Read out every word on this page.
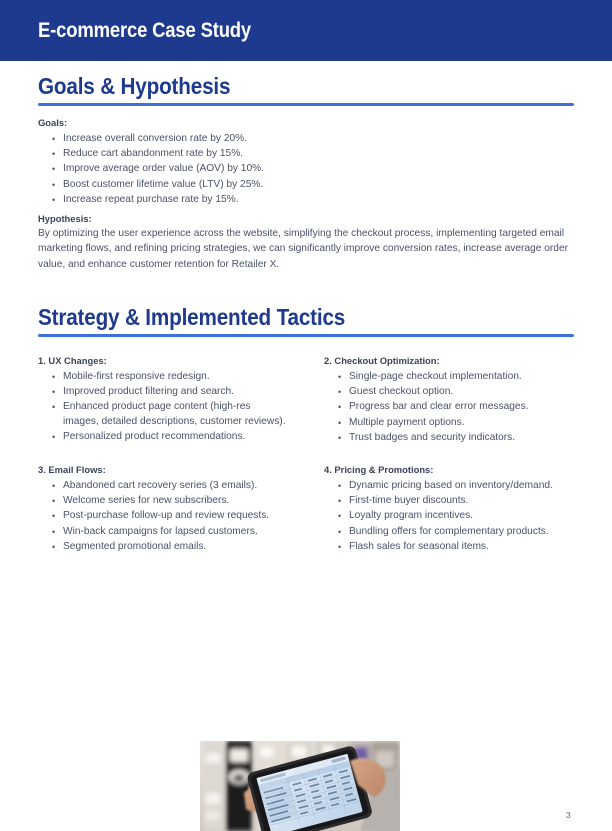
E-commerce Case Study
Goals & Hypothesis

Goals:

• Increase overall conversion rate by 20%.
• Reduce cart abandonment rate by 15%.
• Improve average order value (AOV) by 10%.
• Boost customer lifetime value (LTV) by 25%.
• Increase repeat purchase rate by 15%.

Hypothesis:

By optimizing the user experience across the website, simplifying the checkout process, implementing targeted email marketing flows, and refining pricing strategies, we can significantly improve conversion rates, increase average order value, and enhance customer retention for Retailer X.

Strategy & Implemented Tactics

1. UX Changes:

• Mobile-first responsive redesign.
• Improved product filtering and search.
• Enhanced product page content (high-res images, detailed descriptions, customer reviews).
• Personalized product recommendations.

2. Checkout Optimization:

• Single-page checkout implementation.
• Guest checkout option.
• Progress bar and clear error messages.
• Multiple payment options.
• Trust badges and security indicators.

3. Email Flows:

• Abandoned cart recovery series (3 emails).
• Welcome series for new subscribers.
• Post-purchase follow-up and review requests.
• Win-back campaigns for lapsed customers.
• Segmented promotional emails.

4. Pricing & Promotions:

• Dynamic pricing based on inventory/demand.
• First-time buyer discounts.
• Loyalty program incentives.
• Bundling offers for complementary products.
• Flash sales for seasonal items.
3
